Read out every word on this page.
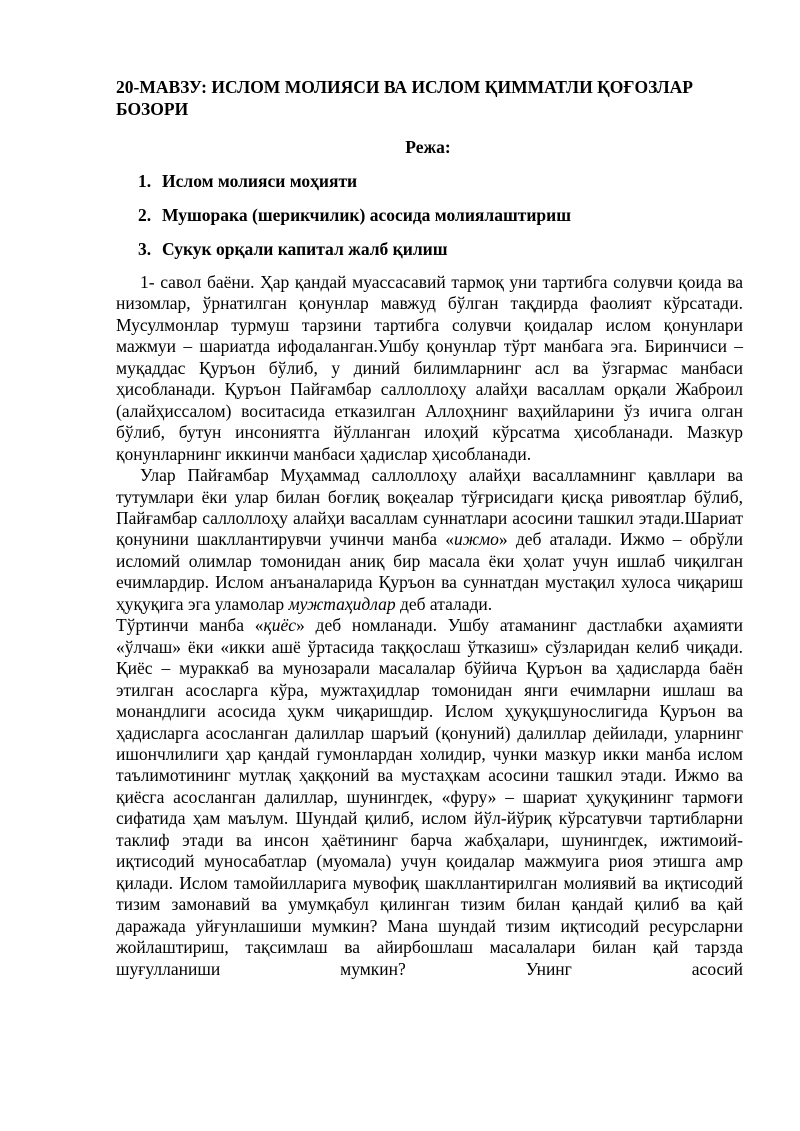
20-МАВЗУ: ИСЛОМ МОЛИЯСИ ВА ИСЛОМ ҚИММАТЛИ ҚОҒОЗЛАР БОЗОРИ
Режа:
1. Ислом молияси моҳияти
2. Мушорака (шерикчилик) асосида молиялаштириш
3. Сукук орқали капитал жалб қилиш

1- савол баёни. Ҳар қандай муассасавий тармоқ уни тартибга солувчи қоида ва низомлар, ўрнатилган қонунлар мавжуд бўлган тақдирда фаолият кўрсатади. Мусулмонлар турмуш тарзини тартибга солувчи қоидалар ислом қонунлари мажмуи – шариатда ифодаланган.Ушбу қонунлар тўрт манбага эга. Биринчиси – муқаддас Қуръон бўлиб, у диний билимларнинг асл ва ўзгармас манбаси ҳисобланади. Қуръон Пайғамбар саллоллоҳу алайҳи васаллам орқали Жаброил (алайҳиссалом) воситасида етказилган Аллоҳнинг ваҳийларини ўз ичига олган бўлиб, бутун инсониятга йўлланган илоҳий кўрсатма ҳисобланади. Мазкур қонунларнинг иккинчи манбаси ҳадислар ҳисобланади.

Улар Пайғамбар Муҳаммад саллоллоҳу алайҳи васалламнинг қавллари ва тутумлари ёки улар билан боғлиқ воқеалар тўғрисидаги қисқа ривоятлар бўлиб, Пайғамбар саллоллоҳу алайҳи васаллам суннатлари асосини ташкил этади.Шариат қонунини шакллантирувчи учинчи манба «ижмо» деб аталади. Ижмо – обрўли исломий олимлар томонидан аниқ бир масала ёки ҳолат учун ишлаб чиқилган ечимлардир. Ислом анъаналарида Қуръон ва суннатдан мустақил хулоса чиқариш ҳуқуқига эга уламолар мужтаҳидлар деб аталади.

Тўртинчи манба «қиёс» деб номланади. Ушбу атаманинг дастлабки аҳамияти «ўлчаш» ёки «икки ашё ўртасида таққослаш ўтказиш» сўзларидан келиб чиқади. Қиёс – мураккаб ва мунозарали масалалар бўйича Қуръон ва ҳадисларда баён этилган асосларга кўра, мужтаҳидлар томонидан янги ечимларни ишлаш ва монандлиги асосида ҳукм чиқаришдир. Ислом ҳуқуқшунослигида Қуръон ва ҳадисларга асосланган далиллар шаръий (қонуний) далиллар дейилади, уларнинг ишончлилиги ҳар қандай гумонлардан холидир, чунки мазкур икки манба ислом таълимотининг мутлақ ҳаққоний ва мустаҳкам асосини ташкил этади. Ижмо ва қиёсга асосланган далиллар, шунингдек, «фуру» – шариат ҳуқуқининг тармоғи сифатида ҳам маълум. Шундай қилиб, ислом йўл-йўриқ кўрсатувчи тартибларни таклиф этади ва инсон ҳаётининг барча жабҳалари, шунингдек, ижтимоий-иқтисодий муносабатлар (муомала) учун қоидалар мажмуига риоя этишга амр қилади. Ислом тамойилларига мувофиқ шакллантирилган молиявий ва иқтисодий тизим замонавий ва умумқабул қилинган тизим билан қандай қилиб ва қай даражада уйғунлашиши мумкин? Мана шундай тизим иқтисодий ресурсларни жойлаштириш, тақсимлаш ва айирбошлаш масалалари билан қай тарзда шуғулланиши мумкин? Унинг асосий
